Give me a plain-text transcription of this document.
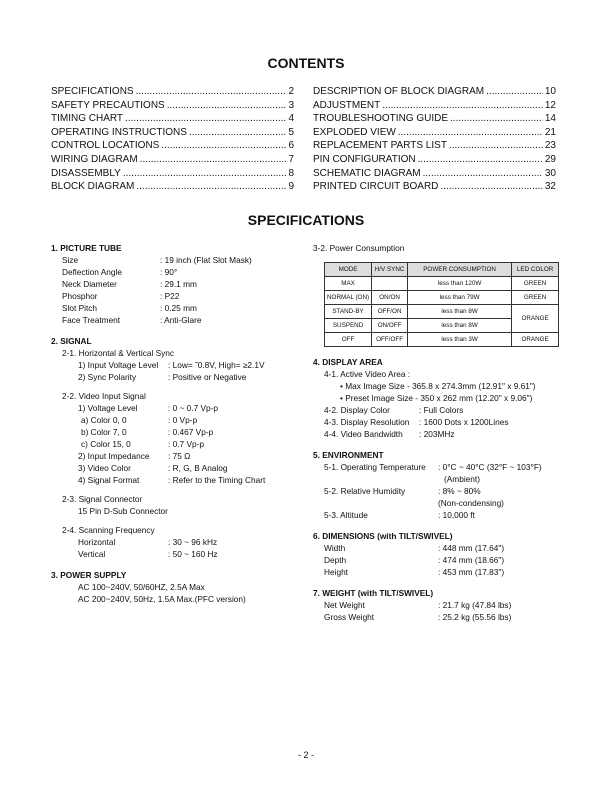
CONTENTS
SPECIFICATIONS .....	2
SAFETY PRECAUTIONS .....	3
TIMING CHART .....	4
OPERATING INSTRUCTIONS .....	5
CONTROL LOCATIONS .....	6
WIRING DIAGRAM .....	7
DISASSEMBLY .....	8
BLOCK DIAGRAM .....	9
DESCRIPTION OF BLOCK DIAGRAM .....	10
ADJUSTMENT .....	12
TROUBLESHOOTING GUIDE .....	14
EXPLODED VIEW .....	21
REPLACEMENT PARTS LIST .....	23
PIN CONFIGURATION .....	29
SCHEMATIC DIAGRAM .....	30
PRINTED CIRCUIT BOARD .....	32
SPECIFICATIONS
1. PICTURE TUBE
Size	: 19 inch (Flat Slot Mask)
Deflection Angle	: 90°
Neck Diameter	: 29.1 mm
Phosphor	: P22
Slot Pitch	: 0.25 mm
Face Treatment	: Anti-Glare
2. SIGNAL
2-1. Horizontal & Vertical Sync
1) Input Voltage Level	: Low= ˜0.8V, High= ≥2.1V
2) Sync Polarity	: Positive or Negative
2-2. Video Input Signal
1) Voltage Level	: 0 ~ 0.7 Vp-p
a) Color 0, 0	: 0 Vp-p
b) Color 7, 0	: 0.467 Vp-p
c) Color 15, 0	: 0.7 Vp-p
2) Input Impedance	: 75 Ω
3) Video Color	: R, G, B Analog
4) Signal Format	: Refer to the Timing Chart
2-3. Signal Connector
15 Pin D-Sub Connector
2-4. Scanning Frequency
Horizontal	: 30 ~ 96 kHz
Vertical	: 50 ~ 160 Hz
3. POWER SUPPLY
AC 100~240V, 50/60HZ, 2.5A Max
AC 200~240V, 50Hz, 1.5A Max.(PFC version)
3-2. Power Consumption
MODE	H/V SYNC	POWER CONSUMPTION	LED COLOR
MAX		less than 120W	GREEN
NORMAL (ON)	ON/ON	less than 79W	GREEN
STAND-BY	OFF/ON	less than 8W	ORANGE
SUSPEND	ON/OFF	less than 8W	
OFF	OFF/OFF	less than 3W	ORANGE
4. DISPLAY AREA
4-1. Active Video Area :
• Max Image Size - 365.8 x 274.3mm (12.91" x 9.61")
• Preset Image Size - 350 x 262 mm (12.20" x 9.06")
4-2. Display Color	: Full Colors
4-3. Display Resolution	: 1600 Dots x 1200Lines
4-4. Video Bandwidth	: 203MHz
5. ENVIRONMENT
5-1. Operating Temperature	: 0°C ~ 40°C (32°F ~ 103°F)
(Ambient)
5-2. Relative Humidity	: 8% ~ 80%
(Non-condensing)
5-3. Altitude	: 10,000 ft
6. DIMENSIONS (with TILT/SWIVEL)
Width	: 448 mm (17.64")
Depth	: 474 mm (18.66")
Height	: 453 mm (17.83")
7. WEIGHT (with TILT/SWIVEL)
Net Weight	: 21.7 kg (47.84 lbs)
Gross Weight	: 25.2 kg (55.56 lbs)
- 2 -
